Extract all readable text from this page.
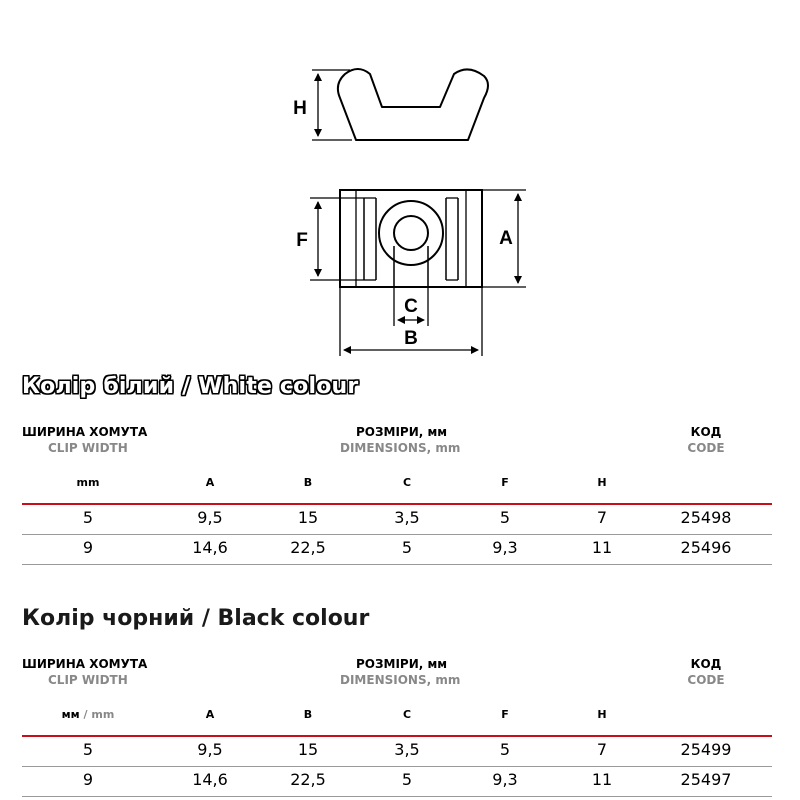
H
F	A
C
B
Колір білий / White colour
ШИРИНА ХОМУТА
CLIP WIDTH
РОЗМІРИ, мм
DIMENSIONS, mm
КОД
CODE
mm	A	B	C	F	H
5	9,5	15	3,5	5	7	25498
9	14,6	22,5	5	9,3	11	25496
Колір чорний / Black colour
ШИРИНА ХОМУТА
CLIP WIDTH
РОЗМІРИ, мм
DIMENSIONS, mm
КОД
CODE
мм / mm	A	B	C	F	H
5	9,5	15	3,5	5	7	25499
9	14,6	22,5	5	9,3	11	25497
